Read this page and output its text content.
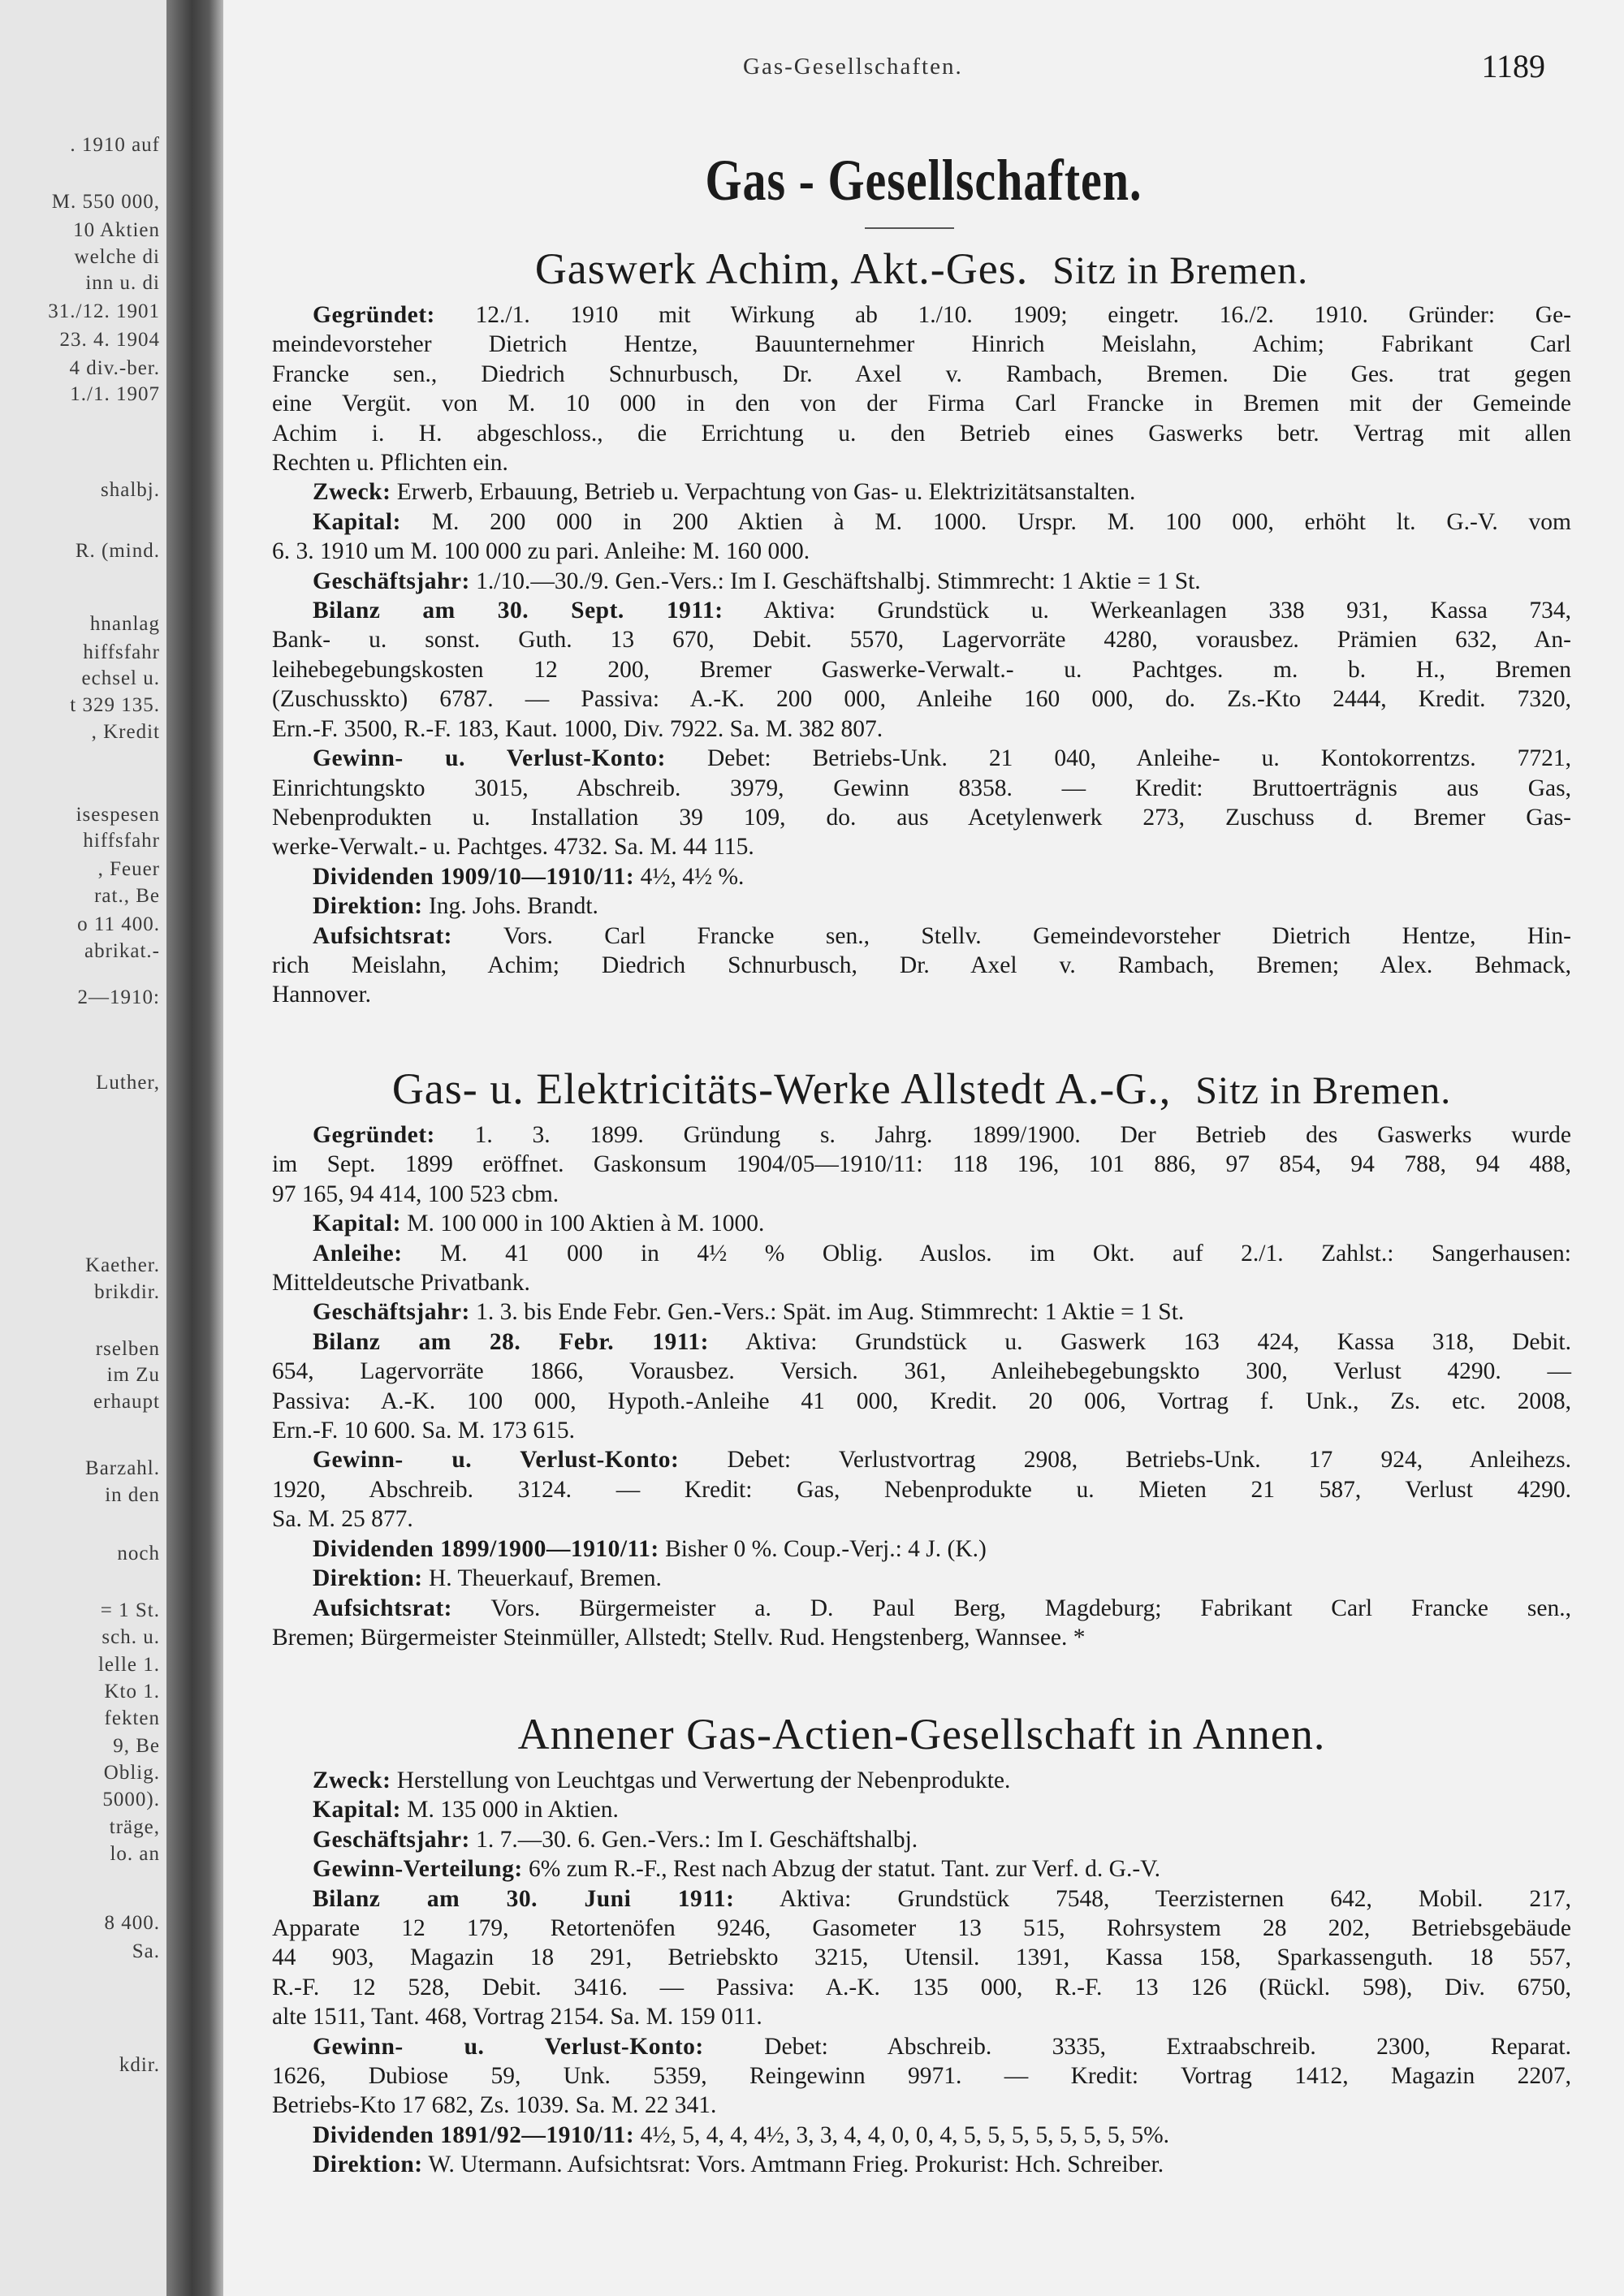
. 1910 auf
M. 550 000,
10 Aktien
welche di
inn u. di
31./12. 1901
23. 4. 1904
4 div.-ber.
1./1. 1907
shalbj.
R. (mind.
hnanlag
hiffsfahr
echsel u.
t 329 135.
, Kredit
isespesen
hiffsfahr
, Feuer
rat., Be
o 11 400.
abrikat.-
2—1910:
Luther,
Kaether.
brikdir.
rselben
im Zu
erhaupt
Barzahl.
in den
noch
= 1 St.
sch. u.
lelle 1.
Kto 1.
fekten
9, Be
Oblig.
5000).
träge,
lo. an
8 400.
Sa.
kdir.
Gas-Gesellschaften.	1189
Gas - Gesellschaften.
Gaswerk Achim, Akt.-Ges. Sitz in Bremen.
Gegründet: 12./1. 1910 mit Wirkung ab 1./10. 1909; eingetr. 16./2. 1910. Gründer: Ge-
meindevorsteher Dietrich Hentze, Bauunternehmer Hinrich Meislahn, Achim; Fabrikant Carl
Francke sen., Diedrich Schnurbusch, Dr. Axel v. Rambach, Bremen. Die Ges. trat gegen
eine Vergüt. von M. 10 000 in den von der Firma Carl Francke in Bremen mit der Gemeinde
Achim i. H. abgeschloss., die Errichtung u. den Betrieb eines Gaswerks betr. Vertrag mit allen
Rechten u. Pflichten ein.
Zweck: Erwerb, Erbauung, Betrieb u. Verpachtung von Gas- u. Elektrizitätsanstalten.
Kapital: M. 200 000 in 200 Aktien à M. 1000. Urspr. M. 100 000, erhöht lt. G.-V. vom
6. 3. 1910 um M. 100 000 zu pari. Anleihe: M. 160 000.
Geschäftsjahr: 1./10.—30./9. Gen.-Vers.: Im I. Geschäftshalbj. Stimmrecht: 1 Aktie = 1 St.
Bilanz am 30. Sept. 1911: Aktiva: Grundstück u. Werkeanlagen 338 931, Kassa 734,
Bank- u. sonst. Guth. 13 670, Debit. 5570, Lagervorräte 4280, vorausbez. Prämien 632, An-
leihebegebungskosten 12 200, Bremer Gaswerke-Verwalt.- u. Pachtges. m. b. H., Bremen
(Zuschusskto) 6787. — Passiva: A.-K. 200 000, Anleihe 160 000, do. Zs.-Kto 2444, Kredit. 7320,
Ern.-F. 3500, R.-F. 183, Kaut. 1000, Div. 7922. Sa. M. 382 807.
Gewinn- u. Verlust-Konto: Debet: Betriebs-Unk. 21 040, Anleihe- u. Kontokorrentzs. 7721,
Einrichtungskto 3015, Abschreib. 3979, Gewinn 8358. — Kredit: Bruttoerträgnis aus Gas,
Nebenprodukten u. Installation 39 109, do. aus Acetylenwerk 273, Zuschuss d. Bremer Gas-
werke-Verwalt.- u. Pachtges. 4732. Sa. M. 44 115.
Dividenden 1909/10—1910/11: 4½, 4½ %.
Direktion: Ing. Johs. Brandt.
Aufsichtsrat: Vors. Carl Francke sen., Stellv. Gemeindevorsteher Dietrich Hentze, Hin-
rich Meislahn, Achim; Diedrich Schnurbusch, Dr. Axel v. Rambach, Bremen; Alex. Behmack,
Hannover.
Gas- u. Elektricitäts-Werke Allstedt A.-G., Sitz in Bremen.
Gegründet: 1. 3. 1899. Gründung s. Jahrg. 1899/1900. Der Betrieb des Gaswerks wurde
im Sept. 1899 eröffnet. Gaskonsum 1904/05—1910/11: 118 196, 101 886, 97 854, 94 788, 94 488,
97 165, 94 414, 100 523 cbm.
Kapital: M. 100 000 in 100 Aktien à M. 1000.
Anleihe: M. 41 000 in 4½ % Oblig. Auslos. im Okt. auf 2./1. Zahlst.: Sangerhausen:
Mitteldeutsche Privatbank.
Geschäftsjahr: 1. 3. bis Ende Febr. Gen.-Vers.: Spät. im Aug. Stimmrecht: 1 Aktie = 1 St.
Bilanz am 28. Febr. 1911: Aktiva: Grundstück u. Gaswerk 163 424, Kassa 318, Debit.
654, Lagervorräte 1866, Vorausbez. Versich. 361, Anleihebegebungskto 300, Verlust 4290. —
Passiva: A.-K. 100 000, Hypoth.-Anleihe 41 000, Kredit. 20 006, Vortrag f. Unk., Zs. etc. 2008,
Ern.-F. 10 600. Sa. M. 173 615.
Gewinn- u. Verlust-Konto: Debet: Verlustvortrag 2908, Betriebs-Unk. 17 924, Anleihezs.
1920, Abschreib. 3124. — Kredit: Gas, Nebenprodukte u. Mieten 21 587, Verlust 4290.
Sa. M. 25 877.
Dividenden 1899/1900—1910/11: Bisher 0 %. Coup.-Verj.: 4 J. (K.)
Direktion: H. Theuerkauf, Bremen.
Aufsichtsrat: Vors. Bürgermeister a. D. Paul Berg, Magdeburg; Fabrikant Carl Francke sen.,
Bremen; Bürgermeister Steinmüller, Allstedt; Stellv. Rud. Hengstenberg, Wannsee. *
Annener Gas-Actien-Gesellschaft in Annen.
Zweck: Herstellung von Leuchtgas und Verwertung der Nebenprodukte.
Kapital: M. 135 000 in Aktien.
Geschäftsjahr: 1. 7.—30. 6. Gen.-Vers.: Im I. Geschäftshalbj.
Gewinn-Verteilung: 6% zum R.-F., Rest nach Abzug der statut. Tant. zur Verf. d. G.-V.
Bilanz am 30. Juni 1911: Aktiva: Grundstück 7548, Teerzisternen 642, Mobil. 217,
Apparate 12 179, Retortenöfen 9246, Gasometer 13 515, Rohrsystem 28 202, Betriebsgebäude
44 903, Magazin 18 291, Betriebskto 3215, Utensil. 1391, Kassa 158, Sparkassenguth. 18 557,
R.-F. 12 528, Debit. 3416. — Passiva: A.-K. 135 000, R.-F. 13 126 (Rückl. 598), Div. 6750,
alte 1511, Tant. 468, Vortrag 2154. Sa. M. 159 011.
Gewinn- u. Verlust-Konto: Debet: Abschreib. 3335, Extraabschreib. 2300, Reparat.
1626, Dubiose 59, Unk. 5359, Reingewinn 9971. — Kredit: Vortrag 1412, Magazin 2207,
Betriebs-Kto 17 682, Zs. 1039. Sa. M. 22 341.
Dividenden 1891/92—1910/11: 4½, 5, 4, 4, 4½, 3, 3, 4, 4, 0, 0, 4, 5, 5, 5, 5, 5, 5, 5, 5%.
Direktion: W. Utermann. Aufsichtsrat: Vors. Amtmann Frieg. Prokurist: Hch. Schreiber.
